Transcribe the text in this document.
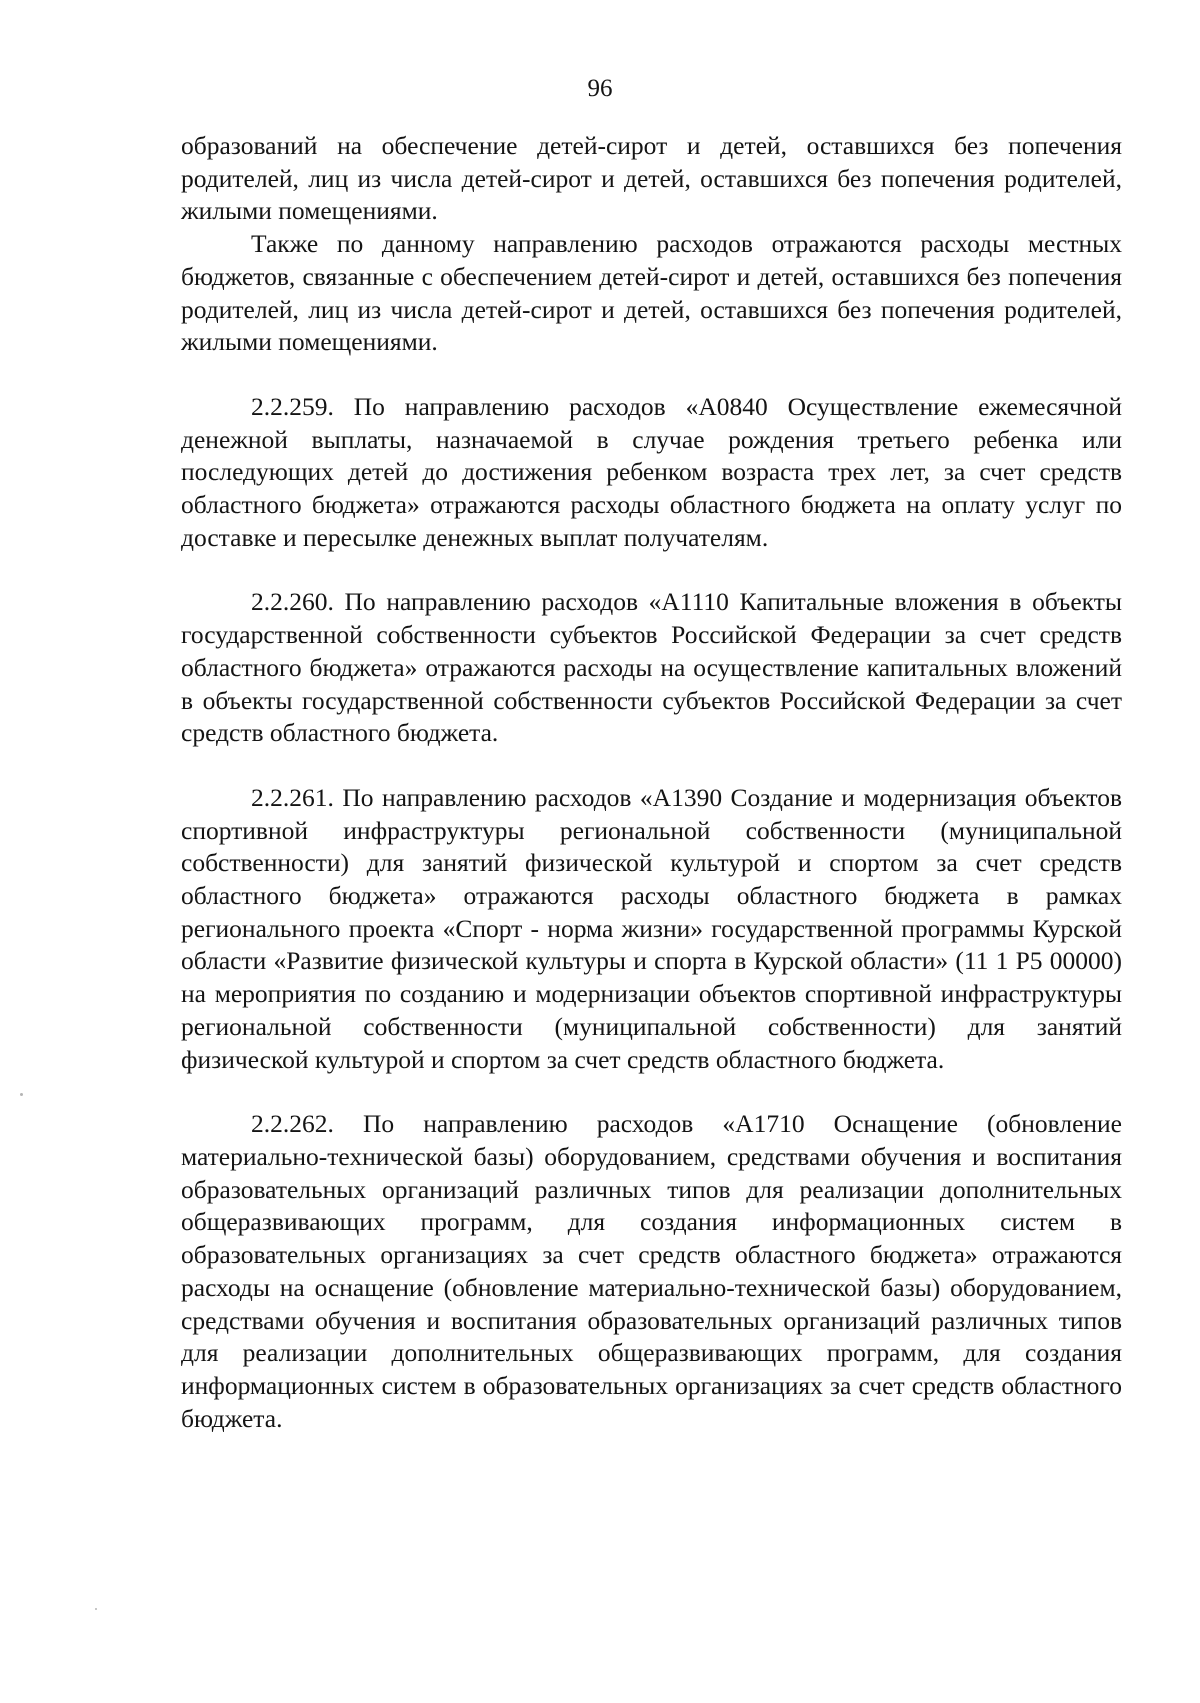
96

образований на обеспечение детей-сирот и детей, оставшихся без попечения родителей, лиц из числа детей-сирот и детей, оставшихся без попечения родителей, жилыми помещениями.

Также по данному направлению расходов отражаются расходы местных бюджетов, связанные с обеспечением детей-сирот и детей, оставшихся без попечения родителей, лиц из числа детей-сирот и детей, оставшихся без попечения родителей, жилыми помещениями.

2.2.259. По направлению расходов «А0840 Осуществление ежемесячной денежной выплаты, назначаемой в случае рождения третьего ребенка или последующих детей до достижения ребенком возраста трех лет, за счет средств областного бюджета» отражаются расходы областного бюджета на оплату услуг по доставке и пересылке денежных выплат получателям.

2.2.260. По направлению расходов «А1110 Капитальные вложения в объекты государственной собственности субъектов Российской Федерации за счет средств областного бюджета» отражаются расходы на осуществление капитальных вложений в объекты государственной собственности субъектов Российской Федерации за счет средств областного бюджета.

2.2.261. По направлению расходов «А1390 Создание и модернизация объектов спортивной инфраструктуры региональной собственности (муниципальной собственности) для занятий физической культурой и спортом за счет средств областного бюджета» отражаются расходы областного бюджета в рамках регионального проекта «Спорт - норма жизни» государственной программы Курской области «Развитие физической культуры и спорта в Курской области» (11 1 Р5 00000) на мероприятия по созданию и модернизации объектов спортивной инфраструктуры региональной собственности (муниципальной собственности) для занятий физической культурой и спортом за счет средств областного бюджета.

2.2.262. По направлению расходов «А1710 Оснащение (обновление материально-технической базы) оборудованием, средствами обучения и воспитания образовательных организаций различных типов для реализации дополнительных общеразвивающих программ, для создания информационных систем в образовательных организациях за счет средств областного бюджета» отражаются расходы на оснащение (обновление материально-технической базы) оборудованием, средствами обучения и воспитания образовательных организаций различных типов для реализации дополнительных общеразвивающих программ, для создания информационных систем в образовательных организациях за счет средств областного бюджета.
